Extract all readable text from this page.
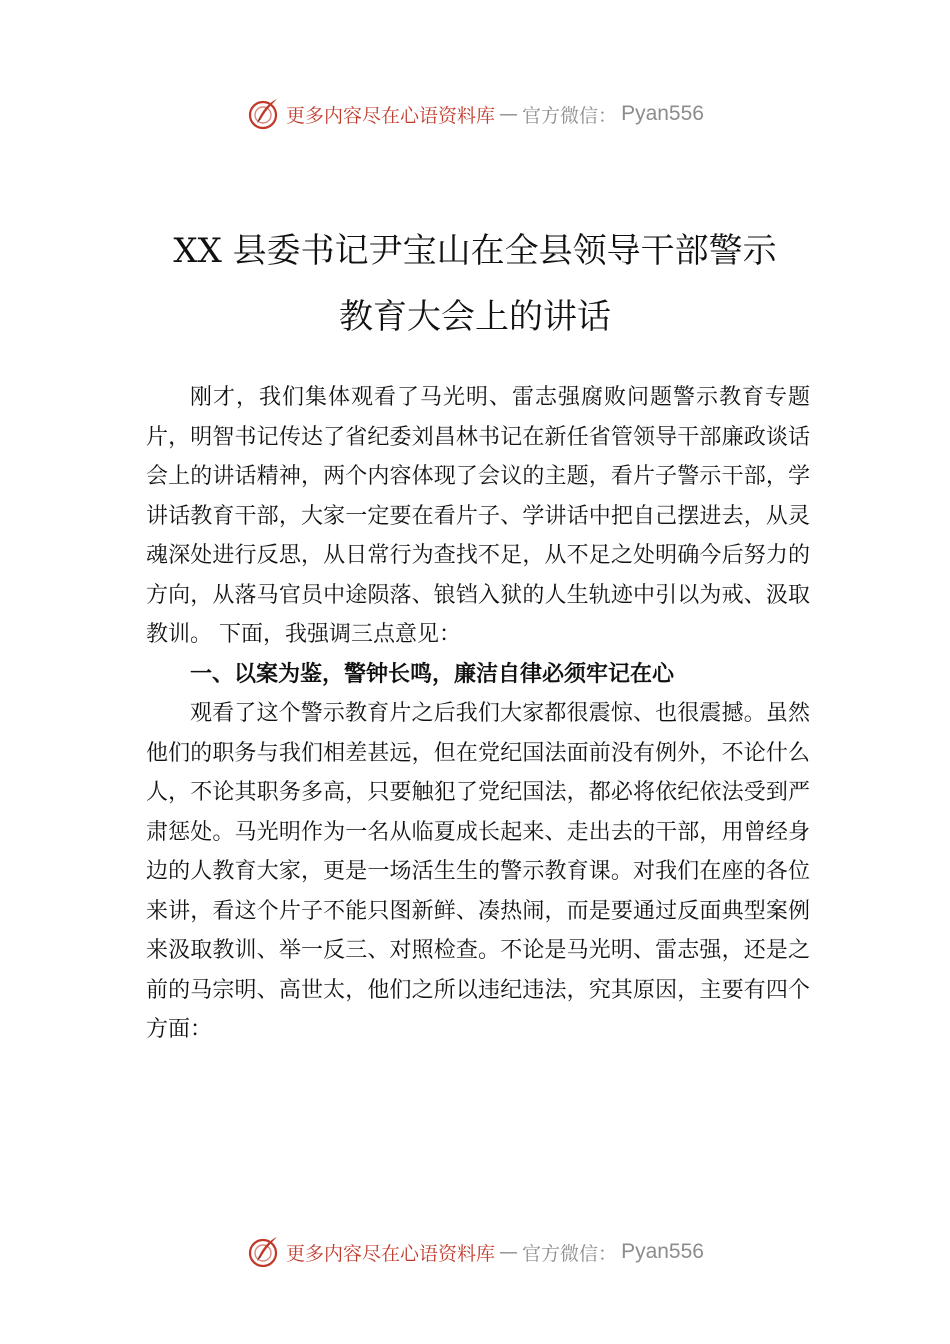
更多内容尽在心语资料库 — 官方微信： Pyan556
XX 县委书记尹宝山在全县领导干部警示
教育大会上的讲话

刚才，我们集体观看了马光明、雷志强腐败问题警示教育专题片，明智书记传达了省纪委刘昌林书记在新任省管领导干部廉政谈话会上的讲话精神，两个内容体现了会议的主题，看片子警示干部，学讲话教育干部，大家一定要在看片子、学讲话中把自己摆进去，从灵魂深处进行反思，从日常行为查找不足，从不足之处明确今后努力的方向，从落马官员中途陨落、锒铛入狱的人生轨迹中引以为戒、汲取教训。 下面，我强调三点意见：

一、以案为鉴，警钟长鸣，廉洁自律必须牢记在心

观看了这个警示教育片之后我们大家都很震惊、也很震撼。虽然他们的职务与我们相差甚远，但在党纪国法面前没有例外，不论什么人，不论其职务多高，只要触犯了党纪国法，都必将依纪依法受到严肃惩处。马光明作为一名从临夏成长起来、走出去的干部，用曾经身边的人教育大家，更是一场活生生的警示教育课。对我们在座的各位来讲，看这个片子不能只图新鲜、凑热闹，而是要通过反面典型案例来汲取教训、举一反三、对照检查。不论是马光明、雷志强，还是之前的马宗明、高世太，他们之所以违纪违法，究其原因，主要有四个方面：

更多内容尽在心语资料库 — 官方微信： Pyan556
